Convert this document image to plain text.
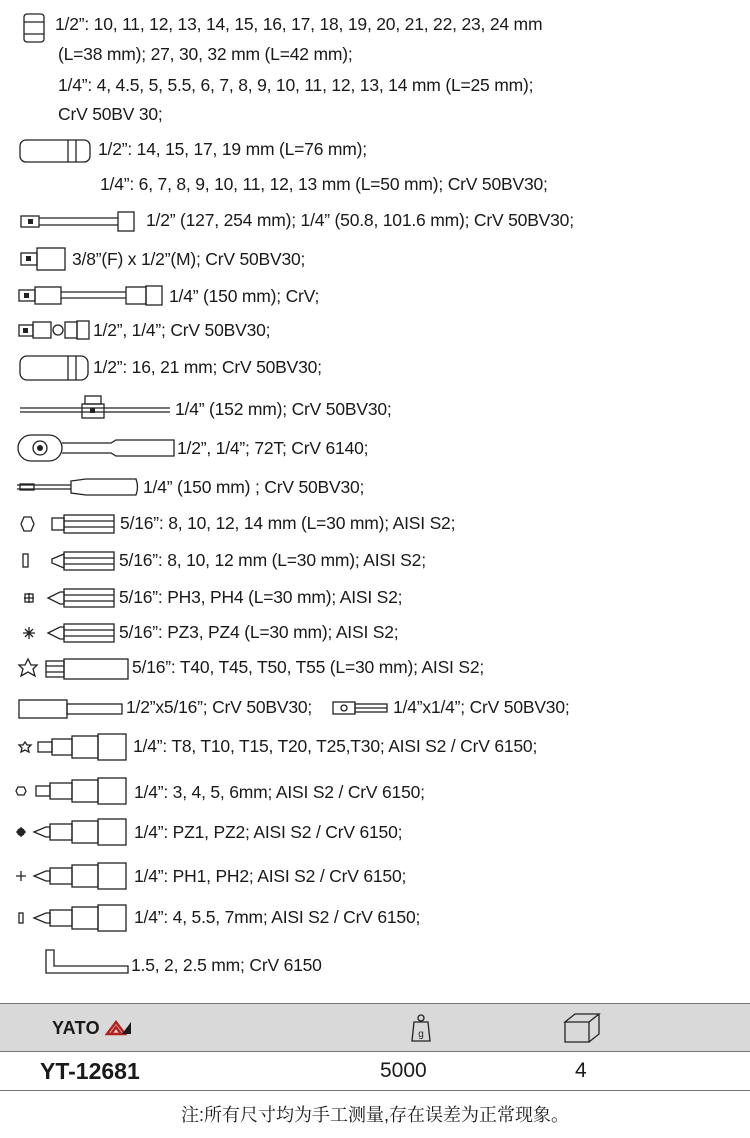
1/2”: 10, 11, 12, 13, 14, 15, 16, 17, 18, 19, 20, 21, 22, 23, 24 mm
(L=38 mm); 27, 30, 32 mm (L=42 mm);
1/4”: 4, 4.5, 5, 5.5, 6, 7, 8, 9, 10, 11, 12, 13, 14 mm (L=25 mm);
CrV 50BV 30;
1/2”: 14, 15, 17, 19 mm (L=76 mm);
1/4”: 6, 7, 8, 9, 10, 11, 12, 13 mm (L=50 mm); CrV 50BV30;
1/2” (127, 254 mm); 1/4” (50.8, 101.6 mm); CrV 50BV30;
3/8”(F) x 1/2”(M); CrV 50BV30;
1/4” (150 mm); CrV;
1/2”, 1/4”; CrV 50BV30;
1/2”: 16, 21 mm; CrV 50BV30;
1/4” (152 mm); CrV 50BV30;
1/2”, 1/4”; 72T; CrV 6140;
1/4” (150 mm) ; CrV 50BV30;
5/16”: 8, 10, 12, 14 mm (L=30 mm); AISI S2;
5/16”: 8, 10, 12 mm (L=30 mm); AISI S2;
5/16”: PH3, PH4 (L=30 mm); AISI S2;
5/16”: PZ3, PZ4 (L=30 mm); AISI S2;
5/16”: T40, T45, T50, T55 (L=30 mm); AISI S2;
1/2”x5/16”; CrV 50BV30;	1/4”x1/4”; CrV 50BV30;
1/4”: T8, T10, T15, T20, T25,T30; AISI S2 / CrV 6150;
1/4”: 3, 4, 5, 6mm; AISI S2 / CrV 6150;
1/4”: PZ1, PZ2; AISI S2 / CrV 6150;
1/4”: PH1, PH2; AISI S2 / CrV 6150;
1/4”: 4, 5.5, 7mm; AISI S2 / CrV 6150;
1.5, 2, 2.5 mm; CrV 6150
YATO	g
YT-12681	5000	4
注:所有尺寸均为手工测量,存在误差为正常现象。
